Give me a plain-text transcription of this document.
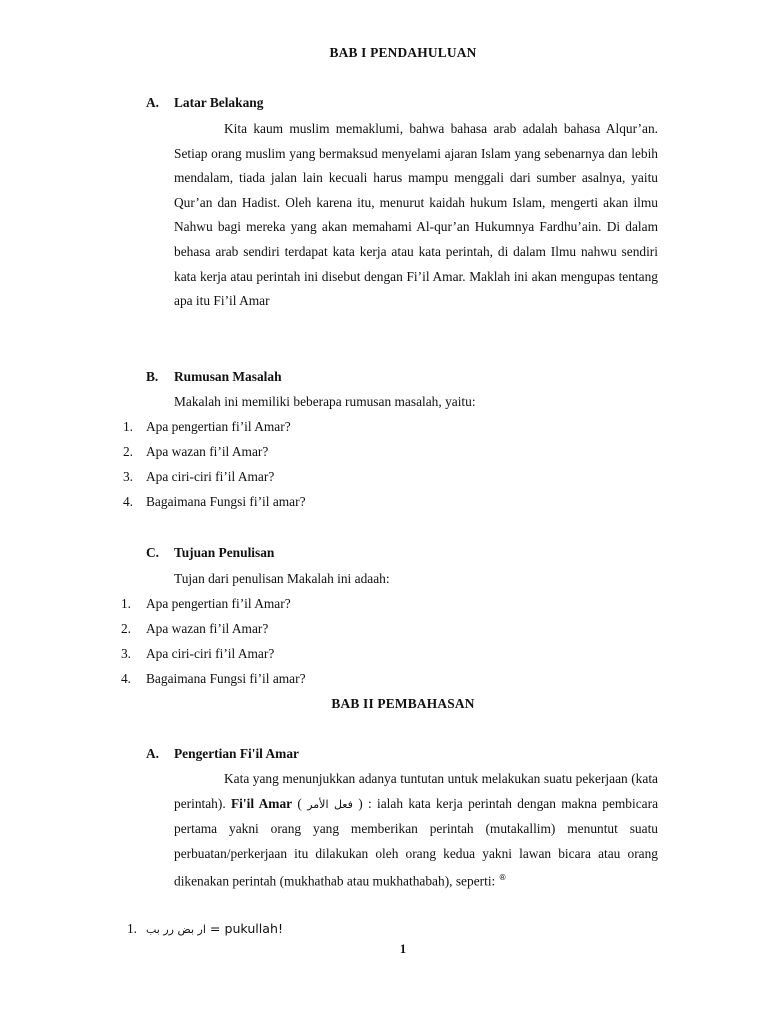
BAB I PENDAHULUAN
A. Latar Belakang

Kita kaum muslim memaklumi, bahwa bahasa arab adalah bahasa Alqur’an. Setiap orang muslim yang bermaksud menyelami ajaran Islam yang sebenarnya dan lebih mendalam, tiada jalan lain kecuali harus mampu menggali dari sumber asalnya, yaitu Qur’an dan Hadist. Oleh karena itu, menurut kaidah hukum Islam, mengerti akan ilmu Nahwu bagi mereka yang akan memahami Al-qur’an Hukumnya Fardhu’ain. Di dalam behasa arab sendiri terdapat kata kerja atau kata perintah, di dalam Ilmu nahwu sendiri kata kerja atau perintah ini disebut dengan Fi’il Amar. Maklah ini akan mengupas tentang apa itu Fi’il Amar

B. Rumusan Masalah
Makalah ini memiliki beberapa rumusan masalah, yaitu:
1. Apa pengertian fi’il Amar?
2. Apa wazan fi’il Amar?
3. Apa ciri-ciri fi’il Amar?
4. Bagaimana Fungsi fi’il amar?
C. Tujuan Penulisan
Tujan dari penulisan Makalah ini adaah:
1. Apa pengertian fi’il Amar?
2. Apa wazan fi’il Amar?
3. Apa ciri-ciri fi’il Amar?
4. Bagaimana Fungsi fi’il amar?
BAB II PEMBAHASAN
A. Pengertian Fi'il Amar

Kata yang menunjukkan adanya tuntutan untuk melakukan suatu pekerjaan (kata perintah). Fi'il Amar ( فعل الأمر ) : ialah kata kerja perintah dengan makna pembicara pertama yakni orang yang memberikan perintah (mutakallim) menuntut suatu perbuatan/perkerjaan itu dilakukan oleh orang kedua yakni lawan bicara atau orang dikenakan perintah (mukhathab atau mukhathabah), seperti: ®

1. ار بض رر بب = pukullah!
1
